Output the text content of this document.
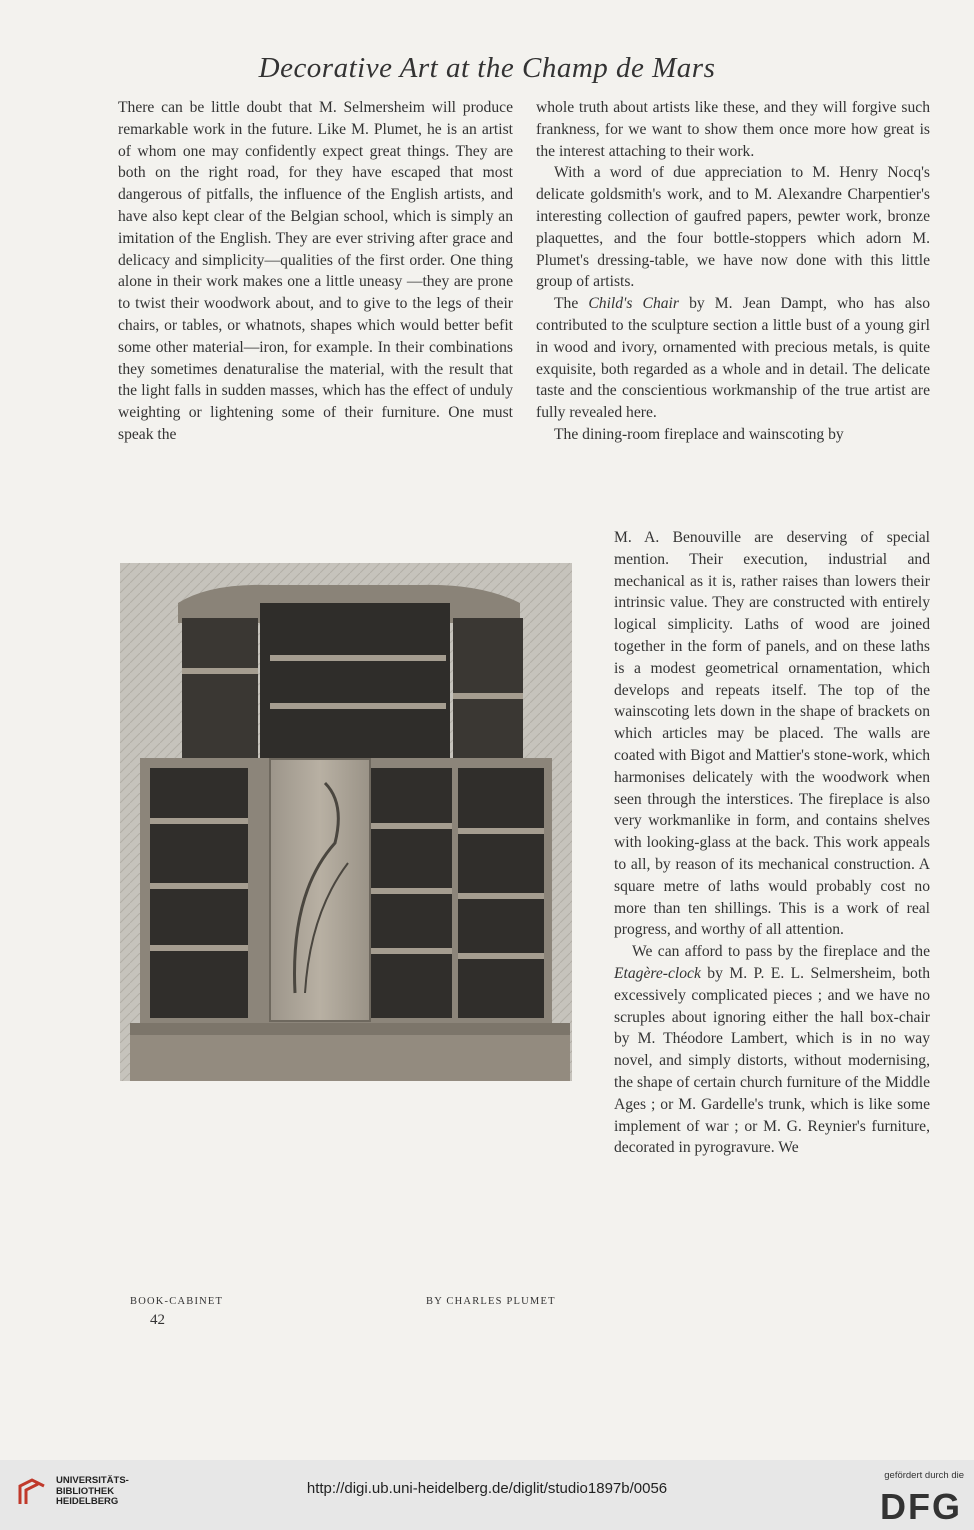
Decorative Art at the Champ de Mars

There can be little doubt that M. Selmersheim will produce remarkable work in the future. Like M. Plumet, he is an artist of whom one may confidently expect great things. They are both on the right road, for they have escaped that most dangerous of pitfalls, the influence of the English artists, and have also kept clear of the Belgian school, which is simply an imitation of the English. They are ever striving after grace and delicacy and simplicity—qualities of the first order. One thing alone in their work makes one a little uneasy —they are prone to twist their woodwork about, and to give to the legs of their chairs, or tables, or whatnots, shapes which would better befit some other material—iron, for example. In their combinations they sometimes denaturalise the material, with the result that the light falls in sudden masses, which has the effect of unduly weighting or lightening some of their furniture. One must speak the

whole truth about artists like these, and they will forgive such frankness, for we want to show them once more how great is the interest attaching to their work.

With a word of due appreciation to M. Henry Nocq's delicate goldsmith's work, and to M. Alexandre Charpentier's interesting collection of gaufred papers, pewter work, bronze plaquettes, and the four bottle-stoppers which adorn M. Plumet's dressing-table, we have now done with this little group of artists.

The Child's Chair by M. Jean Dampt, who has also contributed to the sculpture section a little bust of a young girl in wood and ivory, ornamented with precious metals, is quite exquisite, both regarded as a whole and in detail. The delicate taste and the conscientious workmanship of the true artist are fully revealed here.

The dining-room fireplace and wainscoting by

M. A. Benouville are deserving of special mention. Their execution, industrial and mechanical as it is, rather raises than lowers their intrinsic value. They are constructed with entirely logical simplicity. Laths of wood are joined together in the form of panels, and on these laths is a modest geometrical ornamentation, which develops and repeats itself. The top of the wainscoting lets down in the shape of brackets on which articles may be placed. The walls are coated with Bigot and Mattier's stone-work, which harmonises delicately with the woodwork when seen through the interstices. The fireplace is also very workmanlike in form, and contains shelves with looking-glass at the back. This work appeals to all, by reason of its mechanical construction. A square metre of laths would probably cost no more than ten shillings. This is a work of real progress, and worthy of all attention.

We can afford to pass by the fireplace and the Etagère-clock by M. P. E. L. Selmersheim, both excessively complicated pieces ; and we have no scruples about ignoring either the hall box-chair by M. Théodore Lambert, which is in no way novel, and simply distorts, without modernising, the shape of certain church furniture of the Middle Ages ; or M. Gardelle's trunk, which is like some implement of war ; or M. G. Reynier's furniture, decorated in pyrogravure. We

BOOK-CABINET	BY CHARLES PLUMET
42
UNIVERSITÄTS-
BIBLIOTHEK
HEIDELBERG
http://digi.ub.uni-heidelberg.de/diglit/studio1897b/0056
gefördert durch die
DFG
